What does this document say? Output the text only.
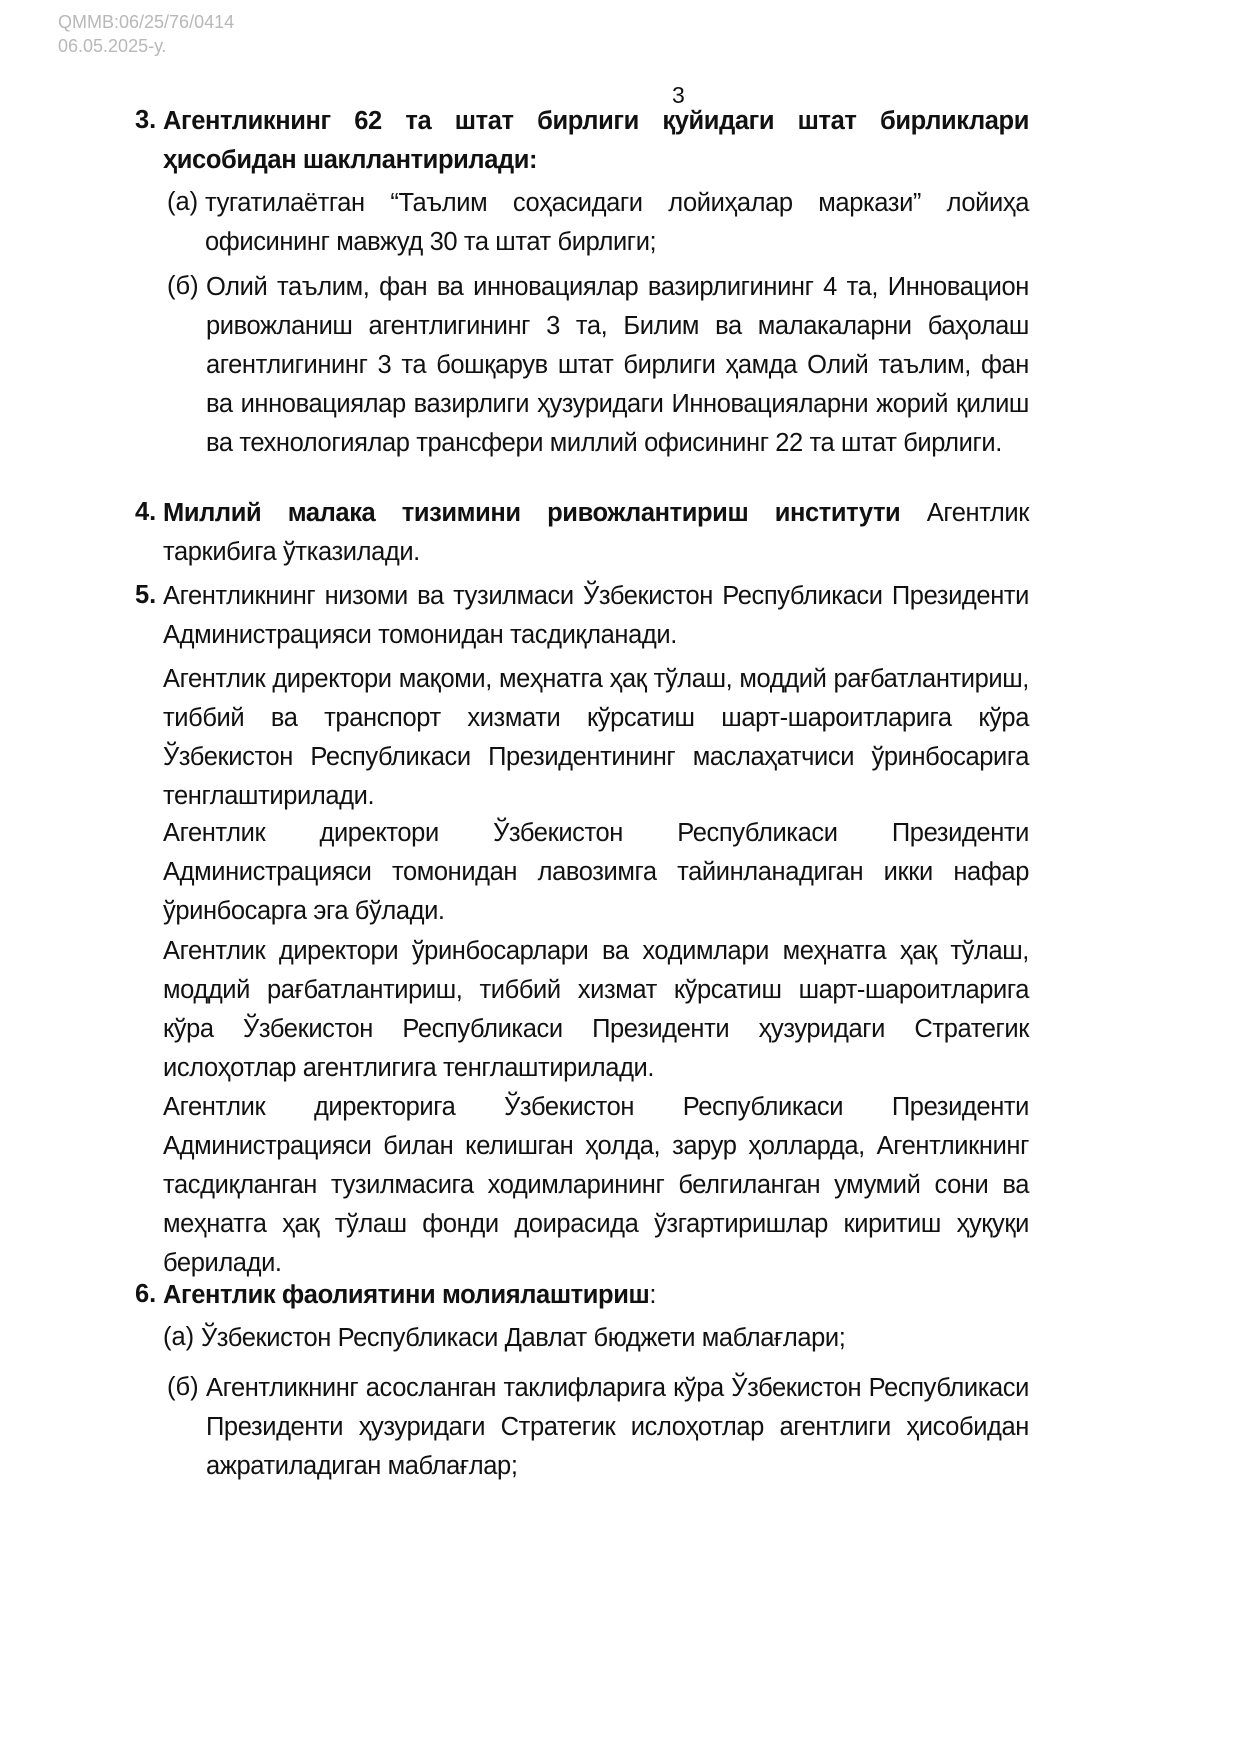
QMMB:06/25/76/0414
06.05.2025-у.
3
3. Агентликнинг 62 та штат бирлиги қуйидаги штат бирликлари ҳисобидан шакллантирилади:
(а) тугатилаётган “Таълим соҳасидаги лойиҳалар маркази” лойиҳа офисининг мавжуд 30 та штат бирлиги;
(б) Олий таълим, фан ва инновациялар вазирлигининг 4 та, Инновацион ривожланиш агентлигининг 3 та, Билим ва малакаларни баҳолаш агентлигининг 3 та бошқарув штат бирлиги ҳамда Олий таълим, фан ва инновациялар вазирлиги ҳузуридаги Инновацияларни жорий қилиш ва технологиялар трансфери миллий офисининг 22 та штат бирлиги.
4. Миллий малака тизимини ривожлантириш институти Агентлик таркибига ўтказилади.
5. Агентликнинг низоми ва тузилмаси Ўзбекистон Республикаси Президенти Администрацияси томонидан тасдиқланади.
Агентлик директори мақоми, меҳнатга ҳақ тўлаш, моддий рағбатлантириш, тиббий ва транспорт хизмати кўрсатиш шарт-шароитларига кўра Ўзбекистон Республикаси Президентининг маслаҳатчиси ўринбосарига тенглаштирилади.
Агентлик директори Ўзбекистон Республикаси Президенти Администрацияси томонидан лавозимга тайинланадиган икки нафар ўринбосарга эга бўлади.
Агентлик директори ўринбосарлари ва ходимлари меҳнатга ҳақ тўлаш, моддий рағбатлантириш, тиббий хизмат кўрсатиш шарт-шароитларига кўра Ўзбекистон Республикаси Президенти ҳузуридаги Стратегик ислоҳотлар агентлигига тенглаштирилади.
Агентлик директорига Ўзбекистон Республикаси Президенти Администрацияси билан келишган ҳолда, зарур ҳолларда, Агентликнинг тасдиқланган тузилмасига ходимларининг белгиланган умумий сони ва меҳнатга ҳақ тўлаш фонди доирасида ўзгартиришлар киритиш ҳуқуқи берилади.
6. Агентлик фаолиятини молиялаштириш:
(а) Ўзбекистон Республикаси Давлат бюджети маблағлари;
(б) Агентликнинг асосланган таклифларига кўра Ўзбекистон Республикаси Президенти ҳузуридаги Стратегик ислоҳотлар агентлиги ҳисобидан ажратиладиган маблағлар;
